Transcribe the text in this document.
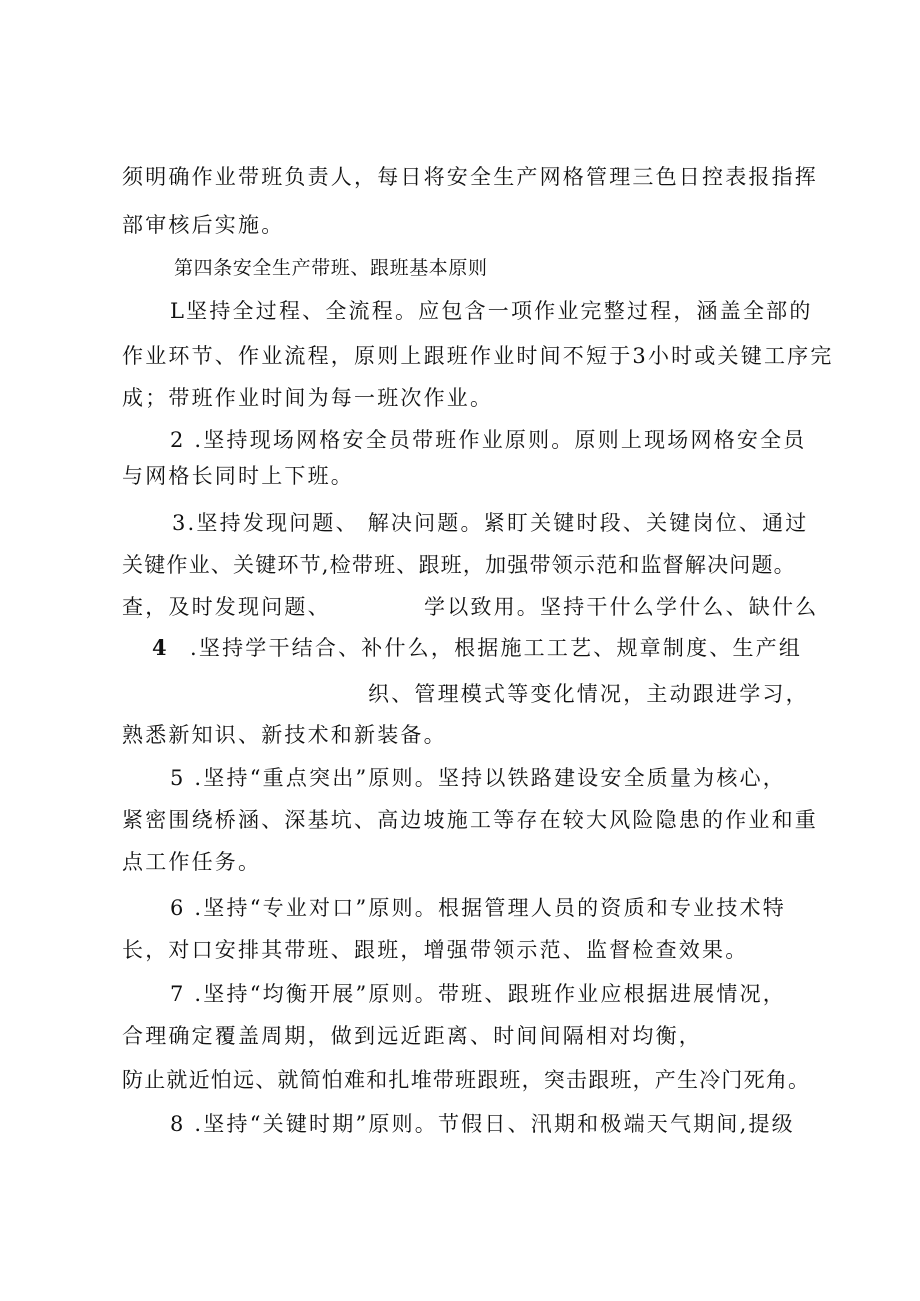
须明确作业带班负责人，每日将安全生产网格管理三色日控表报指挥
部审核后实施。
第四条安全生产带班、跟班基本原则
L坚持全过程、全流程。应包含一项作业完整过程，涵盖全部的
作业环节、作业流程，原则上跟班作业时间不短于3小时或关键工序完
成；带班作业时间为每一班次作业。
2 .坚持现场网格安全员带班作业原则。原则上现场网格安全员
与网格长同时上下班。
3.坚持发现问题、 解决问题。紧盯关键时段、关键岗位、通过
关键作业、关键环节,检带班、跟班，加强带领示范和监督解决问题。
查，及时发现问题、	学以致用。坚持干什么学什么、缺什么
4 .坚持学干结合、补什么，根据施工工艺、规章制度、生产组
织、管理模式等变化情况，主动跟进学习，
熟悉新知识、新技术和新装备。
5 .坚持“重点突出”原则。坚持以铁路建设安全质量为核心，
紧密围绕桥涵、深基坑、高边坡施工等存在较大风险隐患的作业和重
点工作任务。
6 .坚持“专业对口”原则。根据管理人员的资质和专业技术特
长，对口安排其带班、跟班，增强带领示范、监督检查效果。
7 .坚持“均衡开展”原则。带班、跟班作业应根据进展情况，
合理确定覆盖周期，做到远近距离、时间间隔相对均衡，
防止就近怕远、就简怕难和扎堆带班跟班，突击跟班，产生冷门死角。
8 .坚持“关键时期”原则。节假日、汛期和极端天气期间,提级
